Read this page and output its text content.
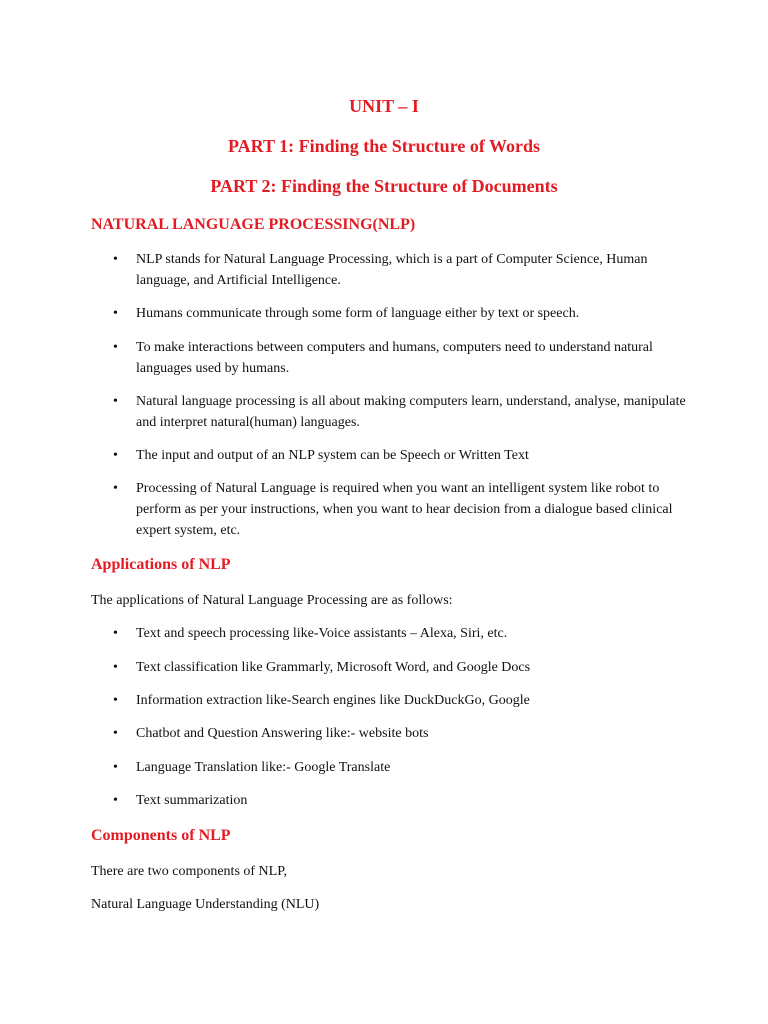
UNIT – I
PART 1: Finding the Structure of Words
PART 2: Finding the Structure of Documents
NATURAL LANGUAGE PROCESSING(NLP)
•	NLP stands for Natural Language Processing, which is a part of Computer Science, Human language, and Artificial Intelligence.
•	Humans communicate through some form of language either by text or speech.
•	To make interactions between computers and humans, computers need to understand natural languages used by humans.
•	Natural language processing is all about making computers learn, understand, analyse, manipulate and interpret natural(human) languages.
•	The input and output of an NLP system can be Speech or Written Text
•	Processing of Natural Language is required when you want an intelligent system like robot to perform as per your instructions, when you want to hear decision from a dialogue based clinical expert system, etc.
Applications of NLP

The applications of Natural Language Processing are as follows:

•	Text and speech processing like-Voice assistants – Alexa, Siri, etc.
•	Text classification like Grammarly, Microsoft Word, and Google Docs
•	Information extraction like-Search engines like DuckDuckGo, Google
•	Chatbot and Question Answering like:- website bots
•	Language Translation like:- Google Translate
•	Text summarization
Components of NLP

There are two components of NLP,

Natural Language Understanding (NLU)
